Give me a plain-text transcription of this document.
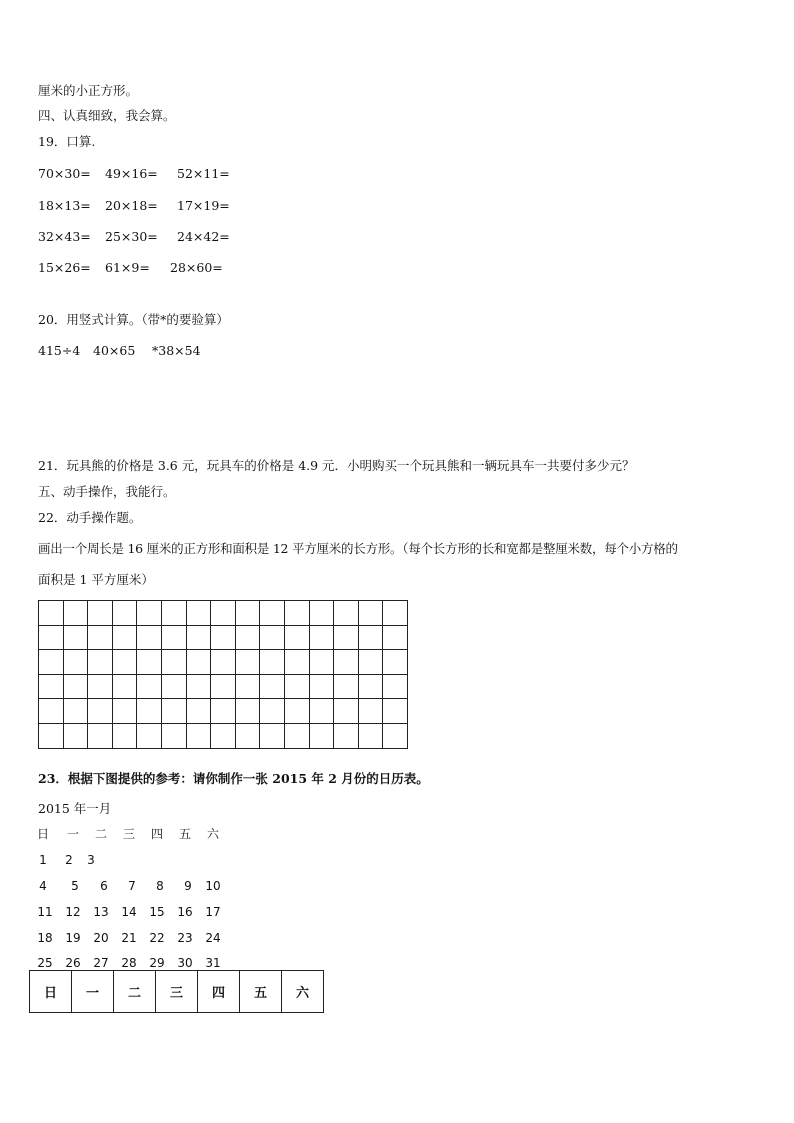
厘米的小正方形。
四、认真细致，我会算。
19．口算.
70×30= 49×16= 52×11=
18×13= 20×18= 17×19=
32×43= 25×30= 24×42=
15×26= 61×9= 28×60=
20．用竖式计算。（带*的要验算）
415÷4 40×65 *38×54
21．玩具熊的价格是 3.6 元，玩具车的价格是 4.9 元．小明购买一个玩具熊和一辆玩具车一共要付多少元？
五、动手操作，我能行。
22．动手操作题。
画出一个周长是 16 厘米的正方形和面积是 12 平方厘米的长方形。（每个长方形的长和宽都是整厘米数，每个小方格的
面积是 1 平方厘米）

23．根据下图提供的参考：请你制作一张 2015 年 2 月份的日历表。
2015 年一月
日	一	二	三	四	五	六
1	2	3
4	5	6	7	8	9	10
11 12 13 14 15 16 17
18 19 20 21 22 23 24
25 26 27 28 29 30 31
日	一	二	三	四	五	六
